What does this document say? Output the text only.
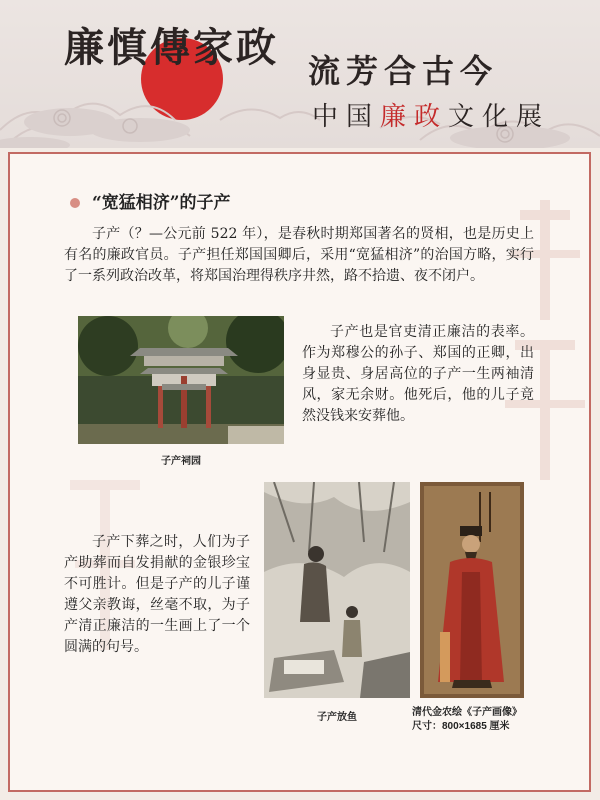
廉慎傳家政 流芳合古今
中国廉政文化展
“宽猛相济”的子产
子产（？—公元前 522 年），是春秋时期郑国著名的贤相，也是历史上有名的廉政官员。子产担任郑国国卿后，采用“宽猛相济”的治国方略，实行了一系列政治改革，将郑国治理得秩序井然，路不拾遗、夜不闭户。
子产祠园
子产也是官吏清正廉洁的表率。作为郑穆公的孙子、郑国的正卿，出身显贵、身居高位的子产一生两袖清风，家无余财。他死后，他的儿子竟然没钱来安葬他。
子产下葬之时，人们为子产助葬而自发捐献的金银珍宝不可胜计。但是子产的儿子谨遵父亲教诲，丝毫不取，为子产清正廉洁的一生画上了一个圆满的句号。
子产放鱼	清代金农绘《子产画像》
尺寸：800×1685 厘米
